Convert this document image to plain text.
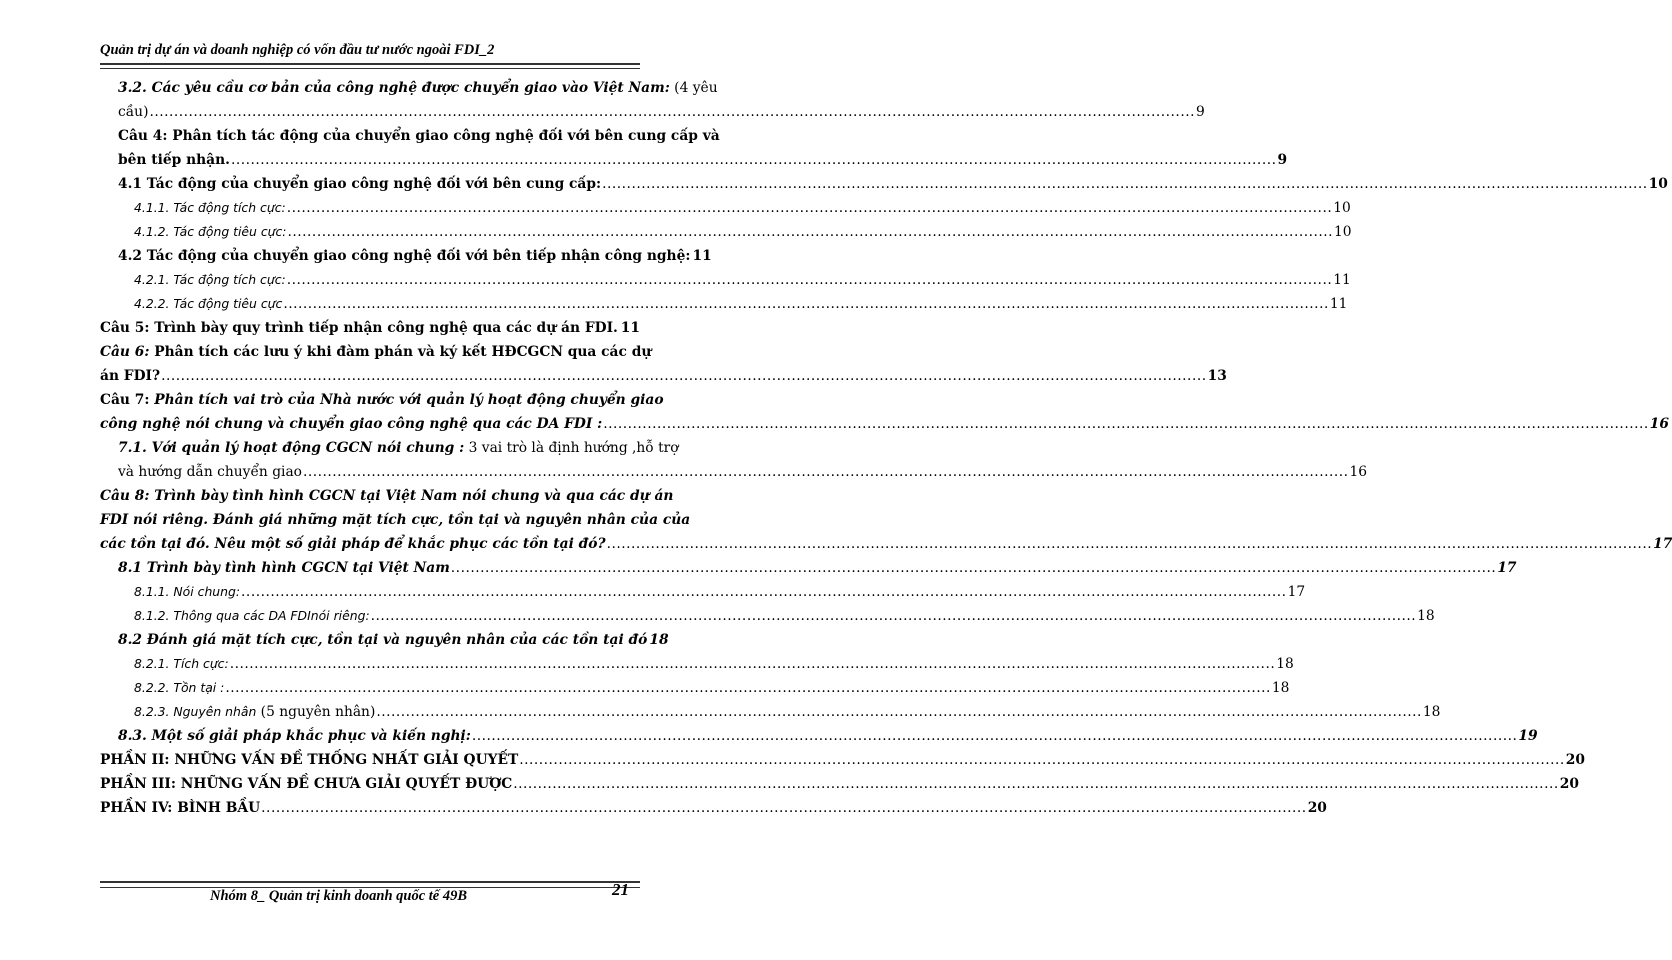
Quản trị dự án và doanh nghiệp có vốn đầu tư nước ngoài FDI_2
3.2. Các yêu cầu cơ bản của công nghệ được chuyển giao vào Việt Nam: (4 yêu
cầu) .....	9
Câu 4: Phân tích tác động của chuyển giao công nghệ đối với bên cung cấp và
bên tiếp nhận. .....	9
4.1 Tác động của chuyển giao công nghệ đối với bên cung cấp: .....	10
4.1.1. Tác động tích cực: .....	10
4.1.2. Tác động tiêu cực: .....	10
4.2 Tác động của chuyển giao công nghệ đối với bên tiếp nhận công nghệ: 11
4.2.1. Tác động tích cực: .....	11
4.2.2. Tác động tiêu cực .....	11
Câu 5: Trình bày quy trình tiếp nhận công nghệ qua các dự án FDI. ..... 11
Câu 6: Phân tích các lưu ý khi đàm phán và ký kết HĐCGCN qua các dự
án FDI? .....	13
Câu 7: Phân tích vai trò của Nhà nước với quản lý hoạt động chuyển giao
công nghệ nói chung và chuyển giao công nghệ qua các DA FDI : .....	16
7.1. Với quản lý hoạt động CGCN nói chung : 3 vai trò là định hướng ,hỗ trợ
và hướng dẫn chuyển giao .....	16
Câu 8: Trình bày tình hình CGCN tại Việt Nam nói chung và qua các dự án
FDI nói riêng. Đánh giá những mặt tích cực, tồn tại và nguyên nhân của của
các tồn tại đó. Nêu một số giải pháp để khắc phục các tồn tại đó? .....	17
8.1 Trình bày tình hình CGCN tại Việt Nam .....	17
8.1.1. Nói chung: .....	17
8.1.2. Thông qua các DA FDInói riêng: .....	18
8.2 Đánh giá mặt tích cực, tồn tại và nguyên nhân của các tồn tại đó 18
8.2.1. Tích cực: .....	18
8.2.2. Tồn tại : .....	18
8.2.3. Nguyên nhân (5 nguyên nhân) .....	18
8.3. Một số giải pháp khắc phục và kiến nghị: .....	19
PHẦN II: NHỮNG VẤN ĐỀ THỐNG NHẤT GIẢI QUYẾT .....	20
PHẦN III: NHỮNG VẤN ĐỀ CHƯA GIẢI QUYẾT ĐƯỢC .....	20
PHẦN IV: BÌNH BẦU .....	20
Nhóm 8_ Quản trị kinh doanh quốc tế 49B	21
